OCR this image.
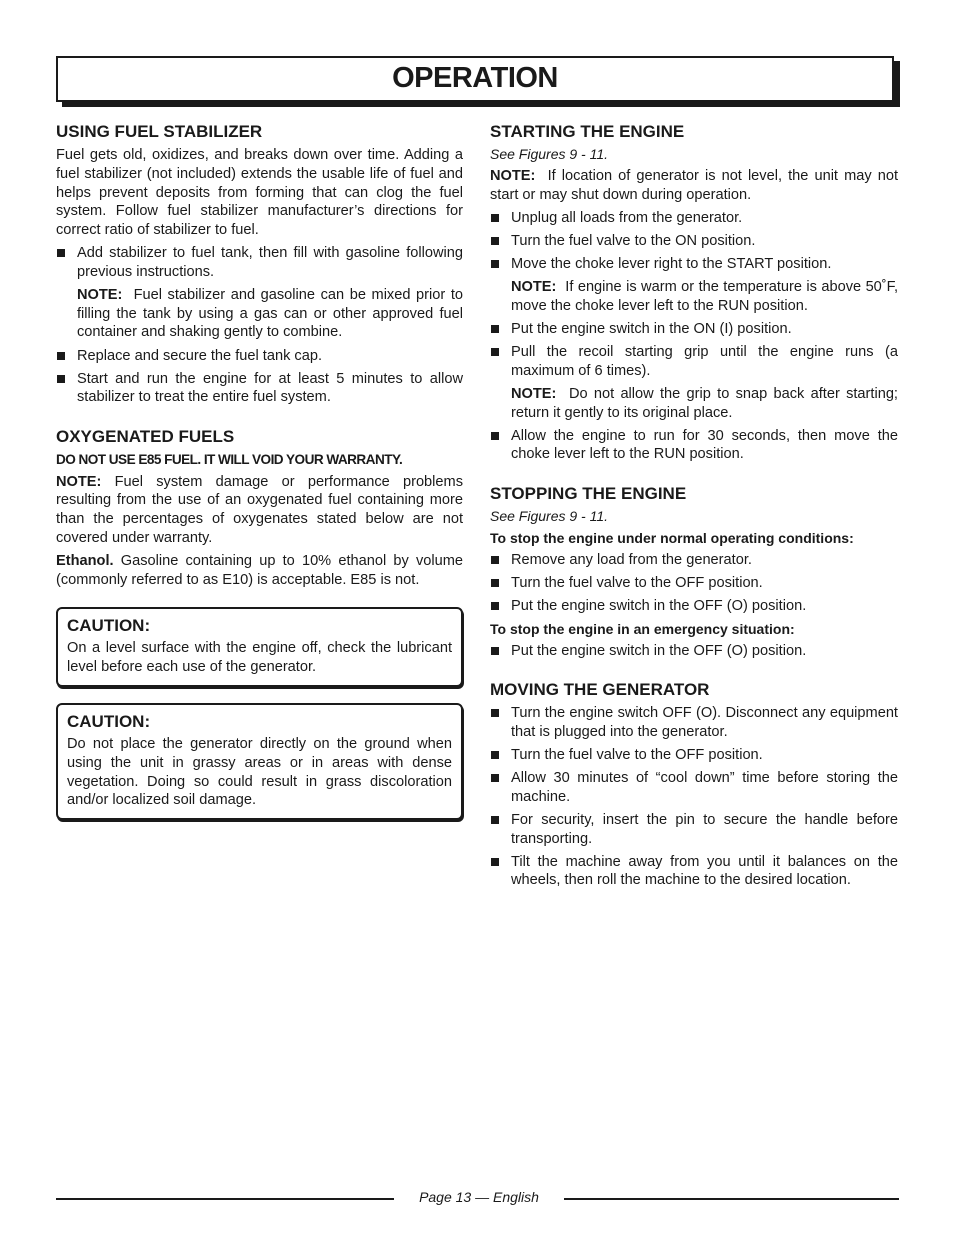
OPERATION
USING FUEL STABILIZER

Fuel gets old, oxidizes, and breaks down over time. Adding a fuel stabilizer (not included) extends the usable life of fuel and helps prevent deposits from forming that can clog the fuel system. Follow fuel stabilizer manufacturer’s directions for correct ratio of stabilizer to fuel.

Add stabilizer to fuel tank, then fill with gasoline following previous instructions.
NOTE: Fuel stabilizer and gasoline can be mixed prior to filling the tank by using a gas can or other approved fuel container and shaking gently to combine.
Replace and secure the fuel tank cap.
Start and run the engine for at least 5 minutes to allow stabilizer to treat the entire fuel system.
OXYGENATED FUELS
DO NOT USE E85 FUEL. IT WILL VOID YOUR WARRANTY.

NOTE: Fuel system damage or performance problems resulting from the use of an oxygenated fuel containing more than the percentages of oxygenates stated below are not covered under warranty.

Ethanol. Gasoline containing up to 10% ethanol by volume (commonly referred to as E10) is acceptable. E85 is not.

CAUTION:
On a level surface with the engine off, check the lubricant level before each use of the generator.
CAUTION:
Do not place the generator directly on the ground when using the unit in grassy areas or in areas with dense vegetation. Doing so could result in grass discoloration and/or localized soil damage.
STARTING THE ENGINE
See Figures 9 - 11.

NOTE: If location of generator is not level, the unit may not start or may shut down during operation.

Unplug all loads from the generator.
Turn the fuel valve to the ON position.
Move the choke lever right to the START position.
NOTE: If engine is warm or the temperature is above 50˚F, move the choke lever left to the RUN position.
Put the engine switch in the ON (I) position.
Pull the recoil starting grip until the engine runs (a maximum of 6 times).
NOTE: Do not allow the grip to snap back after starting; return it gently to its original place.
Allow the engine to run for 30 seconds, then move the choke lever left to the RUN position.
STOPPING THE ENGINE
See Figures 9 - 11.
To stop the engine under normal operating conditions:
Remove any load from the generator.
Turn the fuel valve to the OFF position.
Put the engine switch in the OFF (O) position.
To stop the engine in an emergency situation:
Put the engine switch in the OFF (O) position.
MOVING THE GENERATOR
Turn the engine switch OFF (O). Disconnect any equipment that is plugged into the generator.
Turn the fuel valve to the OFF position.
Allow 30 minutes of “cool down” time before storing the machine.
For security, insert the pin to secure the handle before transporting.
Tilt the machine away from you until it balances on the wheels, then roll the machine to the desired location.
Page 13 — English
